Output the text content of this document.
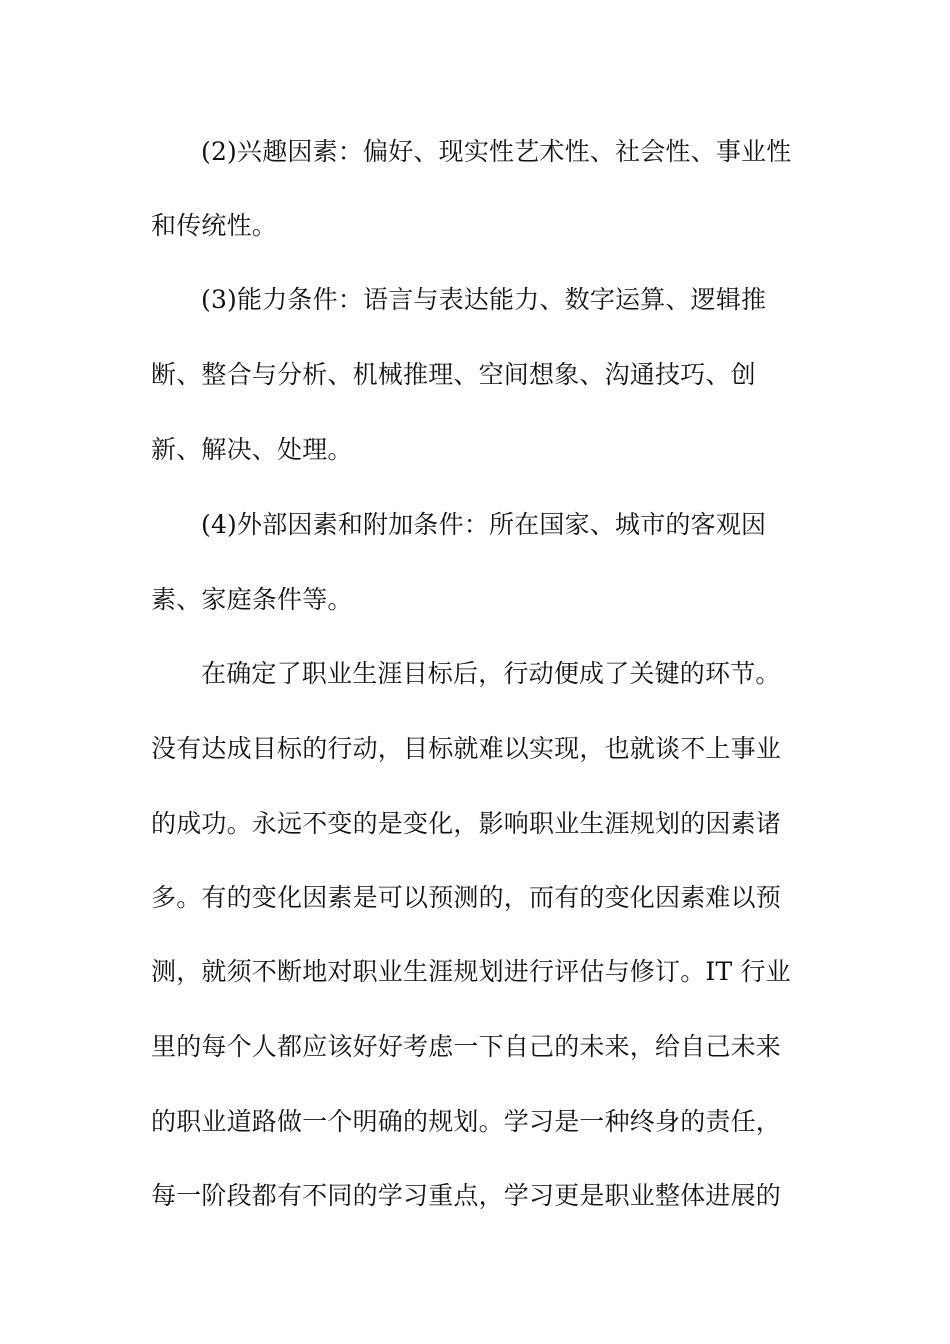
(2)兴趣因素：偏好、现实性艺术性、社会性、事业性
和传统性。
(3)能力条件：语言与表达能力、数字运算、逻辑推
断、整合与分析、机械推理、空间想象、沟通技巧、创
新、解决、处理。
(4)外部因素和附加条件：所在国家、城市的客观因
素、家庭条件等。
在确定了职业生涯目标后，行动便成了关键的环节。
没有达成目标的行动，目标就难以实现，也就谈不上事业
的成功。永远不变的是变化，影响职业生涯规划的因素诸
多。有的变化因素是可以预测的，而有的变化因素难以预
测，就须不断地对职业生涯规划进行评估与修订。IT 行业
里的每个人都应该好好考虑一下自己的未来，给自己未来
的职业道路做一个明确的规划。学习是一种终身的责任，
每一阶段都有不同的学习重点，学习更是职业整体进展的
